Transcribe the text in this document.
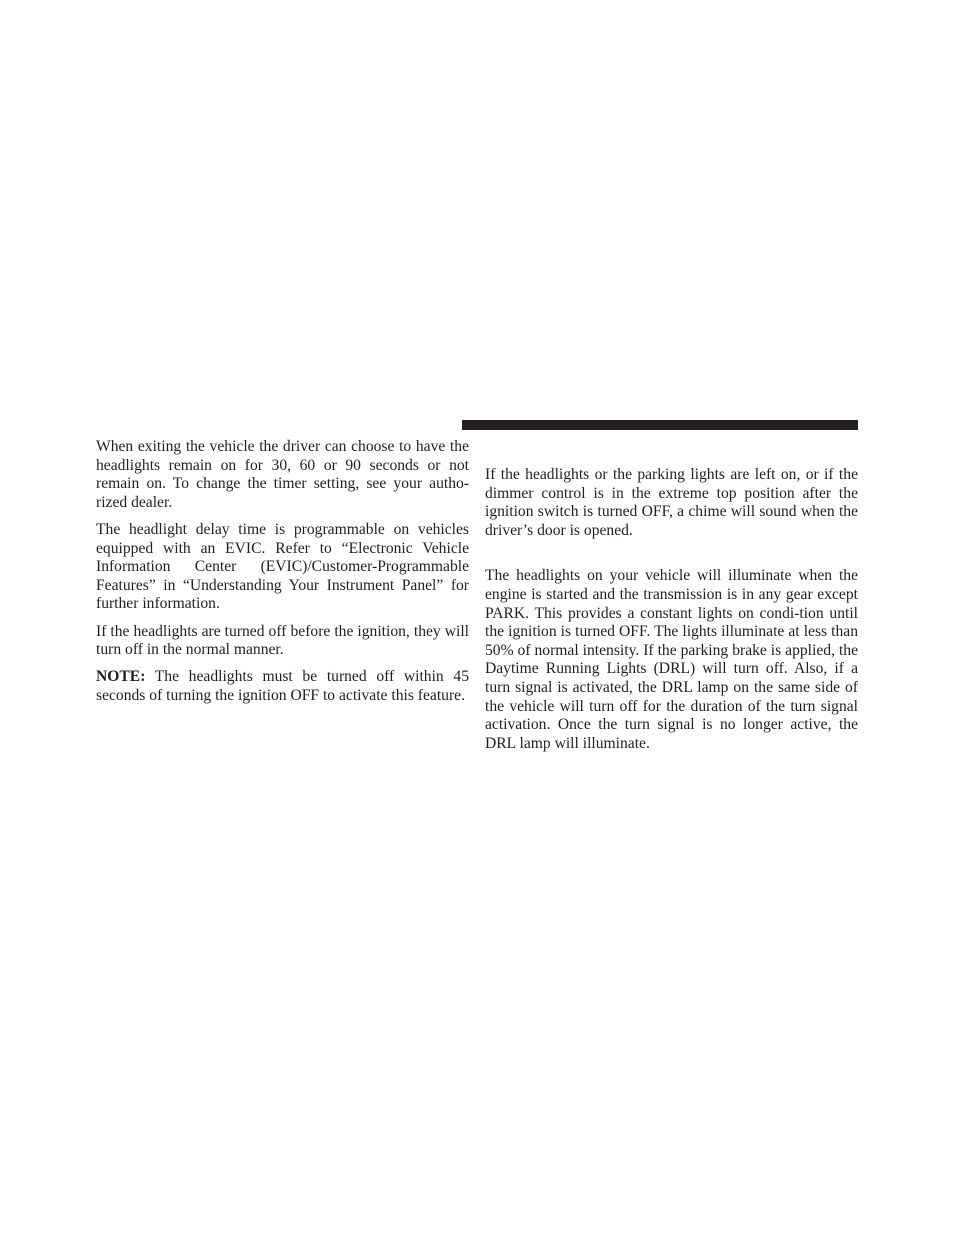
When exiting the vehicle the driver can choose to have the headlights remain on for 30, 60 or 90 seconds or not remain on. To change the timer setting, see your autho-rized dealer.

The headlight delay time is programmable on vehicles equipped with an EVIC. Refer to “Electronic Vehicle Information Center (EVIC)/Customer-Programmable Features” in “Understanding Your Instrument Panel” for further information.

If the headlights are turned off before the ignition, they will turn off in the normal manner.

NOTE: The headlights must be turned off within 45 seconds of turning the ignition OFF to activate this feature.

If the headlights or the parking lights are left on, or if the dimmer control is in the extreme top position after the ignition switch is turned OFF, a chime will sound when the driver’s door is opened.

The headlights on your vehicle will illuminate when the engine is started and the transmission is in any gear except PARK. This provides a constant lights on condi-tion until the ignition is turned OFF. The lights illuminate at less than 50% of normal intensity. If the parking brake is applied, the Daytime Running Lights (DRL) will turn off. Also, if a turn signal is activated, the DRL lamp on the same side of the vehicle will turn off for the duration of the turn signal activation. Once the turn signal is no longer active, the DRL lamp will illuminate.
